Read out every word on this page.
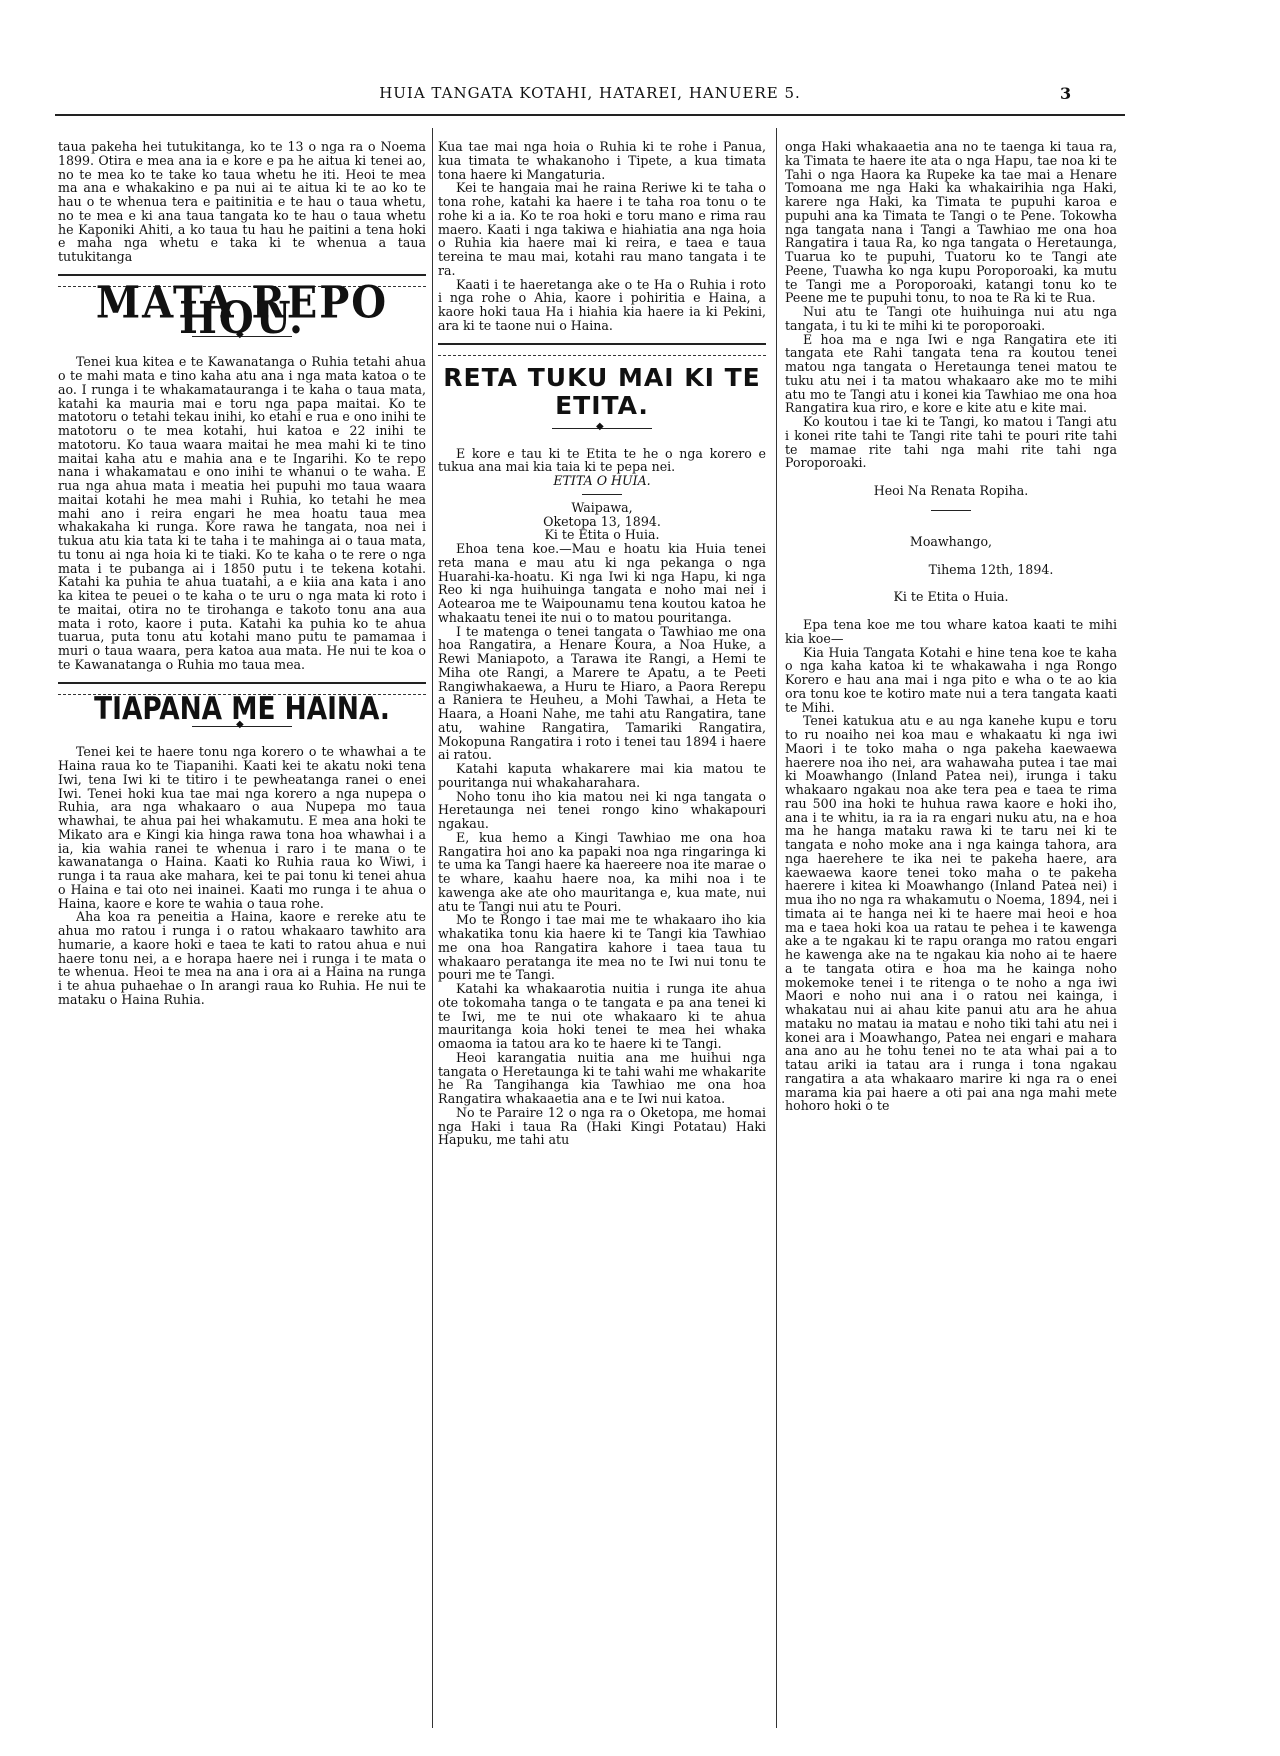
HUIA TANGATA KOTAHI, HATAREI, HANUERE 5.	3

taua pakeha hei tutukitanga, ko te 13 o nga ra o Noema 1899. Otira e mea ana ia e kore e pa he aitua ki tenei ao, no te mea ko te take ko taua whetu he iti. Heoi te mea ma ana e whakakino e pa nui ai te aitua ki te ao ko te hau o te whenua tera e paitinitia e te hau o taua whetu, no te mea e ki ana taua tangata ko te hau o taua whetu he Kaponiki Ahiti, a ko taua tu hau he paitini a tena hoki e maha nga whetu e taka ki te whenua a taua tutukitanga

MATA REPO HOU.
◆

Tenei kua kitea e te Kawanatanga o Ruhia tetahi ahua o te mahi mata e tino kaha atu ana i nga mata katoa o te ao. I runga i te whakamatauranga i te kaha o taua mata, katahi ka mauria mai e toru nga papa maitai. Ko te matotoru o tetahi tekau inihi, ko etahi e rua e ono inihi te matotoru o te mea kotahi, hui katoa e 22 inihi te matotoru. Ko taua waara maitai he mea mahi ki te tino maitai kaha atu e mahia ana e te Ingarihi. Ko te repo nana i whakamatau e ono inihi te whanui o te waha. E rua nga ahua mata i meatia hei pupuhi mo taua waara maitai kotahi he mea mahi i Ruhia, ko tetahi he mea mahi ano i reira engari he mea hoatu taua mea whakakaha ki runga. Kore rawa he tangata, noa nei i tukua atu kia tata ki te taha i te mahinga ai o taua mata, tu tonu ai nga hoia ki te tiaki. Ko te kaha o te rere o nga mata i te pubanga ai i 1850 putu i te tekena kotahi. Katahi ka puhia te ahua tuatahi, a e kiia ana kata i ano ka kitea te peuei o te kaha o te uru o nga mata ki roto i te maitai, otira no te tirohanga e takoto tonu ana aua mata i roto, kaore i puta. Katahi ka puhia ko te ahua tuarua, puta tonu atu kotahi mano putu te pamamaa i muri o taua waara, pera katoa aua mata. He nui te koa o te Kawanatanga o Ruhia mo taua mea.

TIAPANA ME HAINA.
◆

Tenei kei te haere tonu nga korero o te whawhai a te Haina raua ko te Tiapanihi. Kaati kei te akatu noki tena Iwi, tena Iwi ki te titiro i te pewheatanga ranei o enei Iwi. Tenei hoki kua tae mai nga korero a nga nupepa o Ruhia, ara nga whakaaro o aua Nupepa mo taua whawhai, te ahua pai hei whakamutu. E mea ana hoki te Mikato ara e Kingi kia hinga rawa tona hoa whawhai i a ia, kia wahia ranei te whenua i raro i te mana o te kawanatanga o Haina. Kaati ko Ruhia raua ko Wiwi, i runga i ta raua ake mahara, kei te pai tonu ki tenei ahua o Haina e tai oto nei inainei. Kaati mo runga i te ahua o Haina, kaore e kore te wahia o taua rohe.

Aha koa ra peneitia a Haina, kaore e rereke atu te ahua mo ratou i runga i o ratou whakaaro tawhito ara humarie, a kaore hoki e taea te kati to ratou ahua e nui haere tonu nei, a e horapa haere nei i runga i te mata o te whenua. Heoi te mea na ana i ora ai a Haina na runga i te ahua puhaehae o In arangi raua ko Ruhia. He nui te mataku o Haina Ruhia.

Kua tae mai nga hoia o Ruhia ki te rohe i Panua, kua timata te whakanoho i Tipete, a kua timata tona haere ki Mangaturia.

Kei te hangaia mai he raina Reriwe ki te taha o tona rohe, katahi ka haere i te taha roa tonu o te rohe ki a ia. Ko te roa hoki e toru mano e rima rau maero. Kaati i nga takiwa e hiahiatia ana nga hoia o Ruhia kia haere mai ki reira, e taea e taua tereina te mau mai, kotahi rau mano tangata i te ra.

Kaati i te haeretanga ake o te Ha o Ruhia i roto i nga rohe o Ahia, kaore i pohiritia e Haina, a kaore hoki taua Ha i hiahia kia haere ia ki Pekini, ara ki te taone nui o Haina.

RETA TUKU MAI KI TE ETITA.
◆

E kore e tau ki te Etita te he o nga korero e tukua ana mai kia taia ki te pepa nei.

ETITA O HUIA.

Waipawa,

Oketopa 13, 1894.

Ki te Etita o Huia.

Ehoa tena koe.—Mau e hoatu kia Huia tenei reta mana e mau atu ki nga pekanga o nga Huarahi-ka-hoatu. Ki nga Iwi ki nga Hapu, ki nga Reo ki nga huihuinga tangata e noho mai nei i Aotearoa me te Waipounamu tena koutou katoa he whakaatu tenei ite nui o to matou pouritanga.

I te matenga o tenei tangata o Tawhiao me ona hoa Rangatira, a Henare Koura, a Noa Huke, a Rewi Maniapoto, a Tarawa ite Rangi, a Hemi te Miha ote Rangi, a Marere te Apatu, a te Peeti Rangiwhakaewa, a Huru te Hiaro, a Paora Rerepu a Raniera te Heuheu, a Mohi Tawhai, a Heta te Haara, a Hoani Nahe, me tahi atu Rangatira, tane atu, wahine Rangatira, Tamariki Rangatira, Mokopuna Rangatira i roto i tenei tau 1894 i haere ai ratou.

Katahi kaputa whakarere mai kia matou te pouritanga nui whakaharahara.

Noho tonu iho kia matou nei ki nga tangata o Heretaunga nei tenei rongo kino whakapouri ngakau.

E, kua hemo a Kingi Tawhiao me ona hoa Rangatira hoi ano ka papaki noa nga ringaringa ki te uma ka Tangi haere ka haereere noa ite marae o te whare, kaahu haere noa, ka mihi noa i te kawenga ake ate oho mauritanga e, kua mate, nui atu te Tangi nui atu te Pouri.

Mo te Rongo i tae mai me te whakaaro iho kia whakatika tonu kia haere ki te Tangi kia Tawhiao me ona hoa Rangatira kahore i taea taua tu whakaaro peratanga ite mea no te Iwi nui tonu te pouri me te Tangi.

Katahi ka whakaarotia nuitia i runga ite ahua ote tokomaha tanga o te tangata e pa ana tenei ki te Iwi, me te nui ote whakaaro ki te ahua mauritanga koia hoki tenei te mea hei whaka omaoma ia tatou ara ko te haere ki te Tangi.

Heoi karangatia nuitia ana me huihui nga tangata o Heretaunga ki te tahi wahi me whakarite he Ra Tangihanga kia Tawhiao me ona hoa Rangatira whakaaetia ana e te Iwi nui katoa.

No te Paraire 12 o nga ra o Oketopa, me homai nga Haki i taua Ra (Haki Kingi Potatau) Haki Hapuku, me tahi atu

onga Haki whakaaetia ana no te taenga ki taua ra, ka Timata te haere ite ata o nga Hapu, tae noa ki te Tahi o nga Haora ka Rupeke ka tae mai a Henare Tomoana me nga Haki ka whakairihia nga Haki, karere nga Haki, ka Timata te pupuhi karoa e pupuhi ana ka Timata te Tangi o te Pene. Tokowha nga tangata nana i Tangi a Tawhiao me ona hoa Rangatira i taua Ra, ko nga tangata o Heretaunga, Tuarua ko te pupuhi, Tuatoru ko te Tangi ate Peene, Tuawha ko nga kupu Poroporoaki, ka mutu te Tangi me a Poroporoaki, katangi tonu ko te Peene me te pupuhi tonu, to noa te Ra ki te Rua.

Nui atu te Tangi ote huihuinga nui atu nga tangata, i tu ki te mihi ki te poroporoaki.

E hoa ma e nga Iwi e nga Rangatira ete iti tangata ete Rahi tangata tena ra koutou tenei matou nga tangata o Heretaunga tenei matou te tuku atu nei i ta matou whakaaro ake mo te mihi atu mo te Tangi atu i konei kia Tawhiao me ona hoa Rangatira kua riro, e kore e kite atu e kite mai.

Ko koutou i tae ki te Tangi, ko matou i Tangi atu i konei rite tahi te Tangi rite tahi te pouri rite tahi te mamae rite tahi nga mahi rite tahi nga Poroporoaki.

Heoi Na Renata Ropiha.

Moawhango,

Tihema 12th, 1894.

Ki te Etita o Huia.

Epa tena koe me tou whare katoa kaati te mihi kia koe—

Kia Huia Tangata Kotahi e hine tena koe te kaha o nga kaha katoa ki te whakawaha i nga Rongo Korero e hau ana mai i nga pito e wha o te ao kia ora tonu koe te kotiro mate nui a tera tangata kaati te Mihi.

Tenei katukua atu e au nga kanehe kupu e toru to ru noaiho nei koa mau e whakaatu ki nga iwi Maori i te toko maha o nga pakeha kaewaewa haerere noa iho nei, ara wahawaha putea i tae mai ki Moawhango (Inland Patea nei), irunga i taku whakaaro ngakau noa ake tera pea e taea te rima rau 500 ina hoki te huhua rawa kaore e hoki iho, ana i te whitu, ia ra ia ra engari nuku atu, na e hoa ma he hanga mataku rawa ki te taru nei ki te tangata e noho moke ana i nga kainga tahora, ara nga haerehere te ika nei te pakeha haere, ara kaewaewa kaore tenei toko maha o te pakeha haerere i kitea ki Moawhango (Inland Patea nei) i mua iho no nga ra whakamutu o Noema, 1894, nei i timata ai te hanga nei ki te haere mai heoi e hoa ma e taea hoki koa ua ratau te pehea i te kawenga ake a te ngakau ki te rapu oranga mo ratou engari he kawenga ake na te ngakau kia noho ai te haere a te tangata otira e hoa ma he kainga noho mokemoke tenei i te ritenga o te noho a nga iwi Maori e noho nui ana i o ratou nei kainga, i whakatau nui ai ahau kite panui atu ara he ahua mataku no matau ia matau e noho tiki tahi atu nei i konei ara i Moawhango, Patea nei engari e mahara ana ano au he tohu tenei no te ata whai pai a to tatau ariki ia tatau ara i runga i tona ngakau rangatira a ata whakaaro marire ki nga ra o enei marama kia pai haere a oti pai ana nga mahi mete hohoro hoki o te
